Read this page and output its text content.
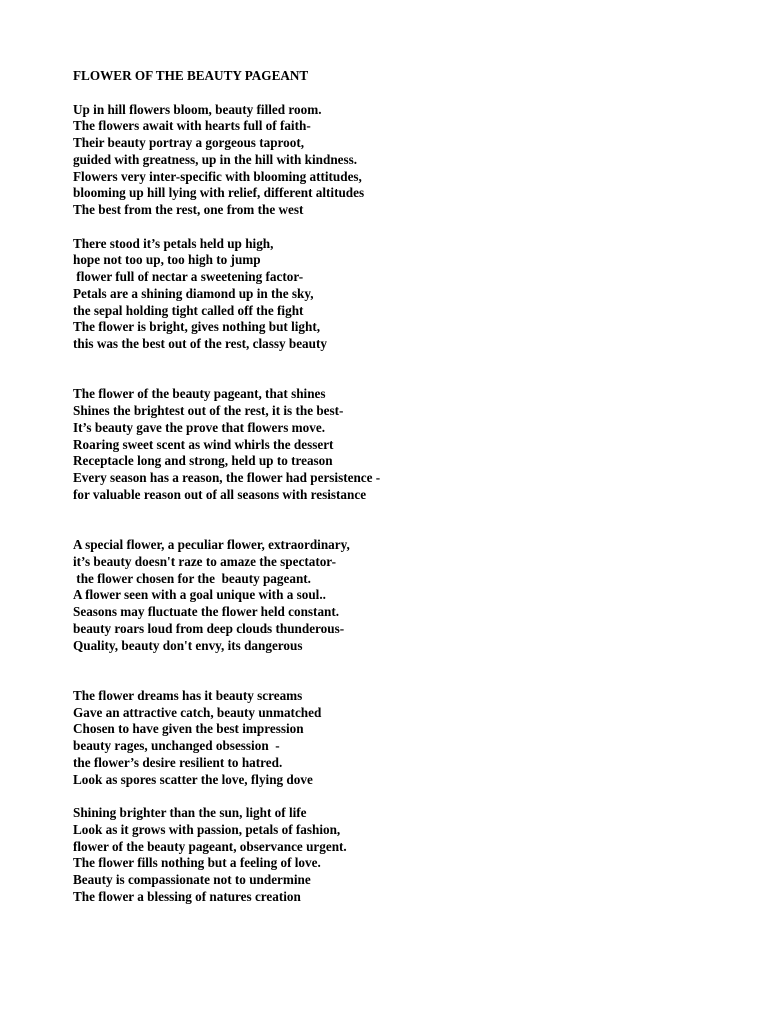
FLOWER OF THE BEAUTY PAGEANT
Up in hill flowers bloom, beauty filled room.
The flowers await with hearts full of faith-
Their beauty portray a gorgeous taproot,
guided with greatness, up in the hill with kindness.
Flowers very inter-specific with blooming attitudes,
blooming up hill lying with relief, different altitudes
The best from the rest, one from the west
There stood it’s petals held up high,
hope not too up, too high to jump
flower full of nectar a sweetening factor-
Petals are a shining diamond up in the sky,
the sepal holding tight called off the fight
The flower is bright, gives nothing but light,
this was the best out of the rest, classy beauty
The flower of the beauty pageant, that shines
Shines the brightest out of the rest, it is the best-
It’s beauty gave the prove that flowers move.
Roaring sweet scent as wind whirls the dessert
Receptacle long and strong, held up to treason
Every season has a reason, the flower had persistence -
for valuable reason out of all seasons with resistance
A special flower, a peculiar flower, extraordinary,
it’s beauty doesn't raze to amaze the spectator-
the flower chosen for the  beauty pageant.
A flower seen with a goal unique with a soul..
Seasons may fluctuate the flower held constant.
beauty roars loud from deep clouds thunderous-
Quality, beauty don't envy, its dangerous
The flower dreams has it beauty screams
Gave an attractive catch, beauty unmatched
Chosen to have given the best impression
beauty rages, unchanged obsession  -
the flower’s desire resilient to hatred.
Look as spores scatter the love, flying dove
Shining brighter than the sun, light of life
Look as it grows with passion, petals of fashion,
flower of the beauty pageant, observance urgent.
The flower fills nothing but a feeling of love.
Beauty is compassionate not to undermine
The flower a blessing of natures creation
